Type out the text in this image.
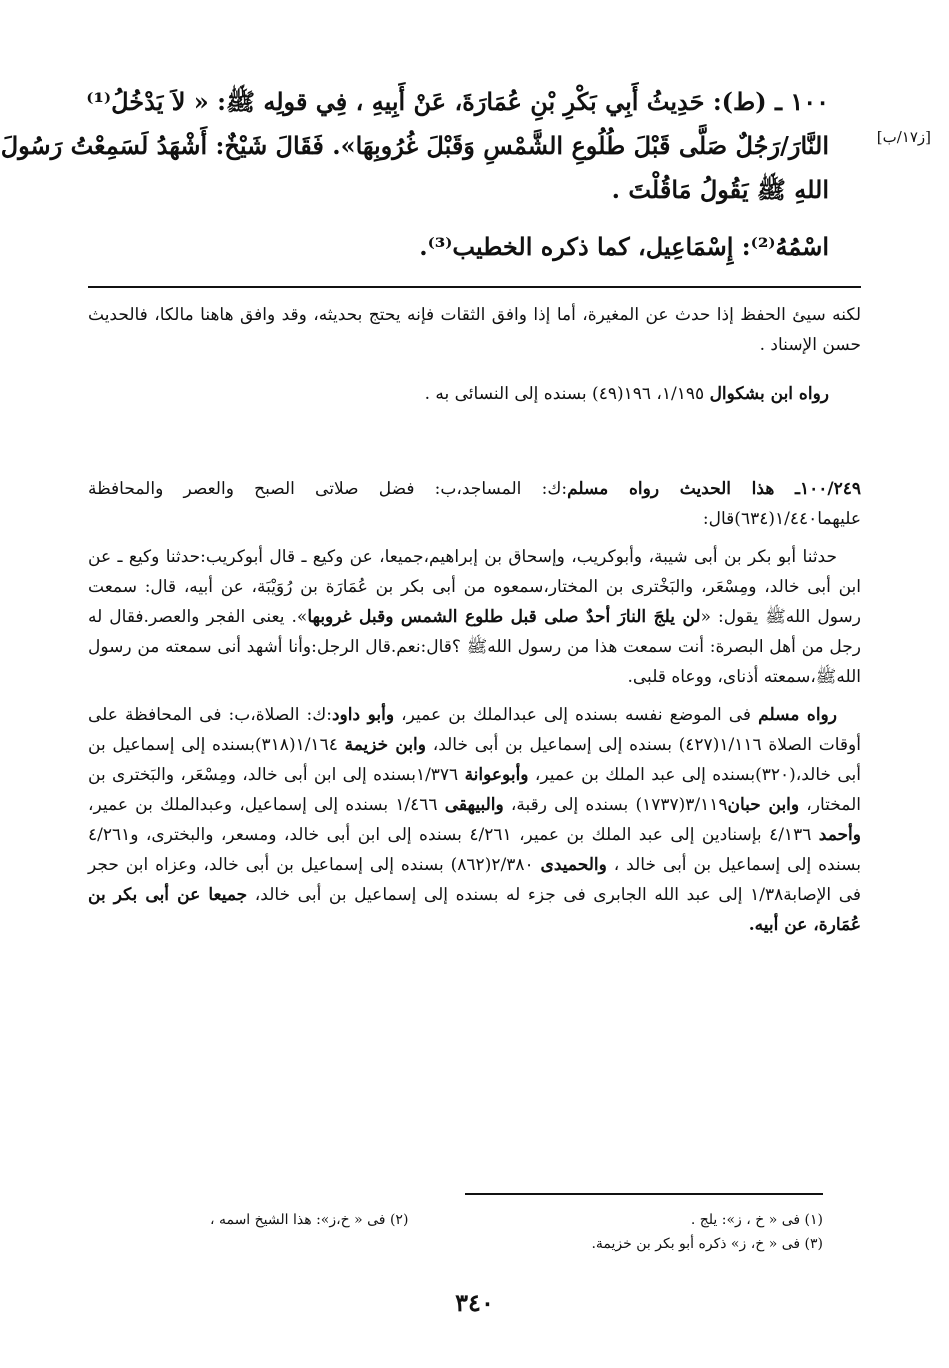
١٠٠ ـ (ط): حَدِيثُ أَبِي بَكْرِ بْنِ عُمَارَةَ، عَنْ أَبِيهِ ، فِي قولِه ﷺ: « لاَ يَدْخُلُ⁽¹⁾
النَّارَ/رَجُلٌ صَلَّى قَبْلَ طُلُوعِ الشَّمْسِ وَقَبْلَ غُرُوبِهَا». فَقَالَ شَيْخٌ: أَشْهَدُ لَسَمِعْتُ رَسُولَ
اللهِ ﷺ يَقُولُ مَاقُلْتَ .
[ز١٧/ب]
اسْمُهُ⁽²⁾: إِسْمَاعِيل، كما ذكره الخطيب⁽³⁾.
لكنه سيئ الحفظ إذا حدث عن المغيرة، أما إذا وافق الثقات فإنه يحتج بحديثه، وقد وافق هاهنا مالكا، فالحديث حسن الإسناد .
رواه ابن بشكوال ١/١٩٥، ١٩٦(٤٩) بسنده إلى النسائى به .

١٠٠/٢٤٩ـ هذا الحديث رواه مسلم:ك: المساجد،ب: فضل صلاتى الصبح والعصر والمحافظة عليهما١/٤٤٠(٦٣٤)قال:

حدثنا أبو بكر بن أبى شيبة، وأبوكريب، وإسحاق بن إبراهيم،جميعا، عن وكيع ـ قال أبوكريب:حدثنا وكيع ـ عن ابن أبى خالد، ومِسْعَر، والبَخْترى بن المختار،سمعوه من أبى بكر بن عُمَارَة بن رُوَيْبَة، عن أبيه، قال: سمعت رسول اللهﷺ يقول: «لن يلجَ النارَ أحدٌ صلى قبل طلوع الشمس وقبل غروبها». يعنى الفجر والعصر.فقال له رجل من أهل البصرة: أنت سمعت هذا من رسول اللهﷺ ؟قال:نعم.قال الرجل:وأنا أشهد أنى سمعته من رسول اللهﷺ،سمعته أذناى، ووعاه قلبى.

رواه مسلم فى الموضع نفسه بسنده إلى عبدالملك بن عمير، وأبو داود:ك: الصلاة،ب: فى المحافظة على أوقات الصلاة ١/١١٦(٤٢٧) بسنده إلى إسماعيل بن أبى خالد، وابن خزيمة ١/١٦٤(٣١٨)بسنده إلى إسماعيل بن أبى خالد،(٣٢٠)بسنده إلى عبد الملك بن عمير، وأبوعوانة ١/٣٧٦بسنده إلى ابن أبى خالد، ومِسْعَر، والبَخترى بن المختار، وابن حبان٣/١١٩(١٧٣٧) بسنده إلى رقبة، والبيهقى ١/٤٦٦ بسنده إلى إسماعيل، وعبدالملك بن عمير، وأحمد ٤/١٣٦ بإسنادين إلى عبد الملك بن عمير، ٤/٢٦١ بسنده إلى ابن أبى خالد، ومسعر، والبخترى، و٤/٢٦١ بسنده إلى إسماعيل بن أبى خالد ، والحميدى ٢/٣٨٠(٨٦٢) بسنده إلى إسماعيل بن أبى خالد، وعزاه ابن حجر فى الإصابة١/٣٨ إلى عبد الله الجابرى فى جزء له بسنده إلى إسماعيل بن أبى خالد، جميعا عن أبى بكر بن عُمَارة، عن أبيه.

(١) فى « خ ، ز»: يلج .
(٢) فى « خ،ز»: هذا الشيخ اسمه ،
(٣) فى « خ، ز» ذكره أبو بكر بن خزيمة.
٣٤٠
